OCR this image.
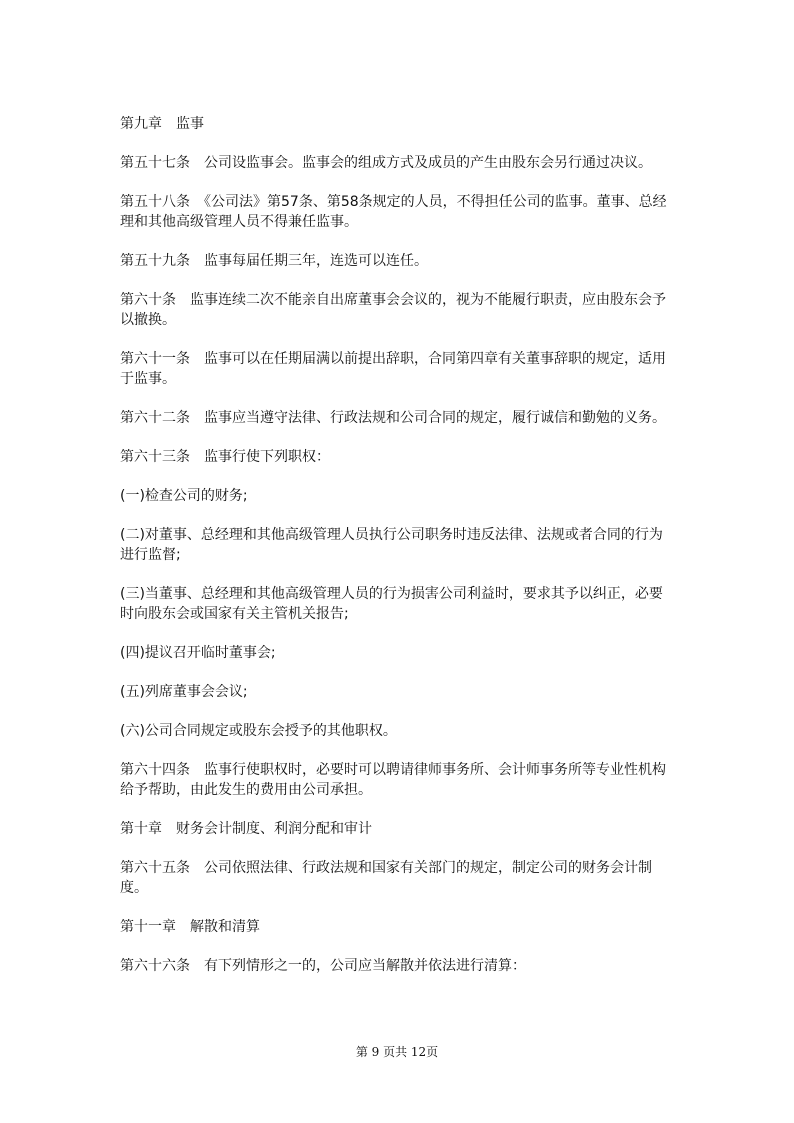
第九章　监事

第五十七条　公司设监事会。监事会的组成方式及成员的产生由股东会另行通过决议。

第五十八条　《公司法》第57条、第58条规定的人员，不得担任公司的监事。董事、总经理和其他高级管理人员不得兼任监事。

第五十九条　监事每届任期三年，连选可以连任。

第六十条　监事连续二次不能亲自出席董事会会议的，视为不能履行职责，应由股东会予以撤换。

第六十一条　监事可以在任期届满以前提出辞职，合同第四章有关董事辞职的规定，适用于监事。

第六十二条　监事应当遵守法律、行政法规和公司合同的规定，履行诚信和勤勉的义务。

第六十三条　监事行使下列职权：

(一)检查公司的财务;

(二)对董事、总经理和其他高级管理人员执行公司职务时违反法律、法规或者合同的行为进行监督;

(三)当董事、总经理和其他高级管理人员的行为损害公司利益时，要求其予以纠正，必要时向股东会或国家有关主管机关报告;

(四)提议召开临时董事会;

(五)列席董事会会议;

(六)公司合同规定或股东会授予的其他职权。

第六十四条　监事行使职权时，必要时可以聘请律师事务所、会计师事务所等专业性机构给予帮助，由此发生的费用由公司承担。

第十章　财务会计制度、利润分配和审计

第六十五条　公司依照法律、行政法规和国家有关部门的规定，制定公司的财务会计制度。

第十一章　解散和清算

第六十六条　有下列情形之一的，公司应当解散并依法进行清算：

第 9 页共 12页
